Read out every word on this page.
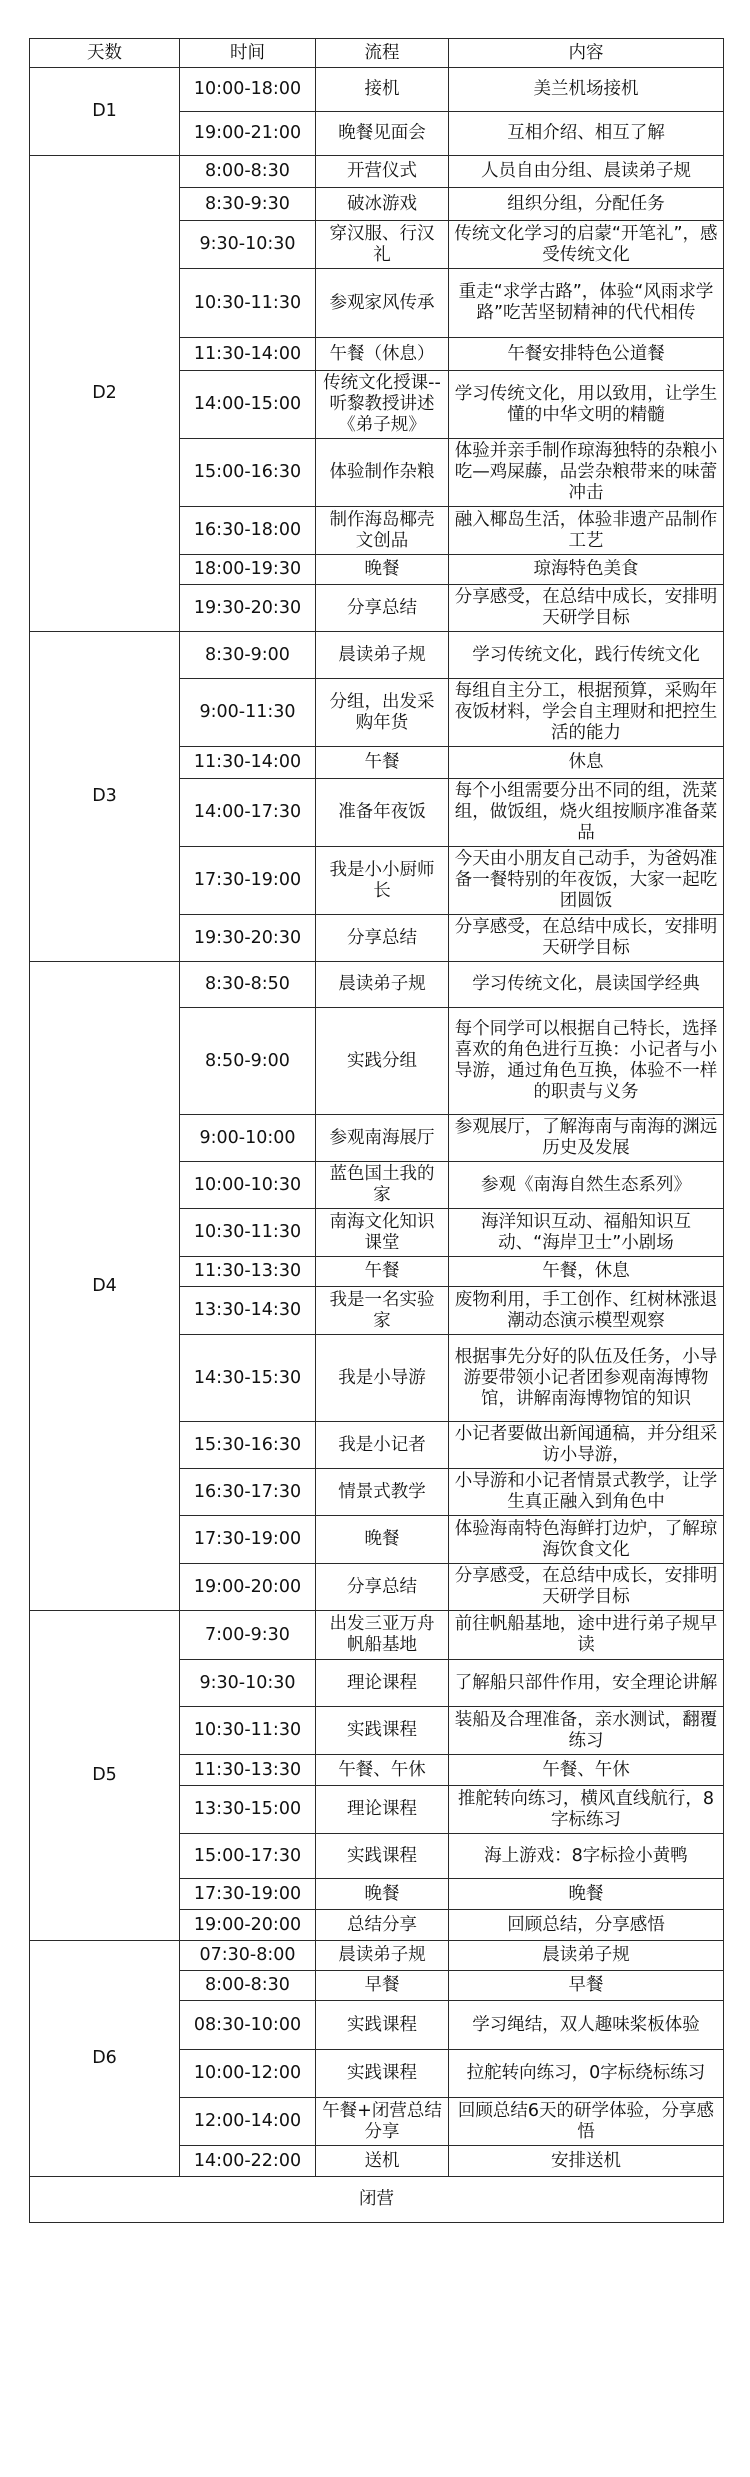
天数	时间	流程	内容
D1	10:00-18:00	接机	美兰机场接机
	19:00-21:00	晚餐见面会	互相介绍、相互了解
D2	8:00-8:30	开营仪式	人员自由分组、晨读弟子规
	8:30-9:30	破冰游戏	组织分组，分配任务
	9:30-10:30	穿汉服、行汉礼	传统文化学习的启蒙“开笔礼”，感受传统文化
	10:30-11:30	参观家风传承	重走“求学古路”，体验“风雨求学路”吃苦坚韧精神的代代相传
	11:30-14:00	午餐（休息）	午餐安排特色公道餐
	14:00-15:00	传统文化授课--听黎教授讲述《弟子规》	学习传统文化，用以致用，让学生懂的中华文明的精髓
	15:00-16:30	体验制作杂粮	体验并亲手制作琼海独特的杂粮小吃—鸡屎藤，品尝杂粮带来的味蕾冲击
	16:30-18:00	制作海岛椰壳文创品	融入椰岛生活，体验非遗产品制作工艺
	18:00-19:30	晚餐	琼海特色美食
	19:30-20:30	分享总结	分享感受，在总结中成长，安排明天研学目标
D3	8:30-9:00	晨读弟子规	学习传统文化，践行传统文化
	9:00-11:30	分组，出发采购年货	每组自主分工，根据预算，采购年夜饭材料，学会自主理财和把控生活的能力
	11:30-14:00	午餐	休息
	14:00-17:30	准备年夜饭	每个小组需要分出不同的组，洗菜组，做饭组，烧火组按顺序准备菜品
	17:30-19:00	我是小小厨师长	今天由小朋友自己动手，为爸妈准备一餐特别的年夜饭，大家一起吃团圆饭
	19:30-20:30	分享总结	分享感受，在总结中成长，安排明天研学目标
D4	8:30-8:50	晨读弟子规	学习传统文化，晨读国学经典
	8:50-9:00	实践分组	每个同学可以根据自己特长，选择喜欢的角色进行互换：小记者与小导游，通过角色互换，体验不一样的职责与义务
	9:00-10:00	参观南海展厅	参观展厅，了解海南与南海的渊远历史及发展
	10:00-10:30	蓝色国土我的家	参观《南海自然生态系列》
	10:30-11:30	南海文化知识课堂	海洋知识互动、福船知识互动、“海岸卫士”小剧场
	11:30-13:30	午餐	午餐，休息
	13:30-14:30	我是一名实验家	废物利用，手工创作、红树林涨退潮动态演示模型观察
	14:30-15:30	我是小导游	根据事先分好的队伍及任务，小导游要带领小记者团参观南海博物馆，讲解南海博物馆的知识
	15:30-16:30	我是小记者	小记者要做出新闻通稿，并分组采访小导游，
	16:30-17:30	情景式教学	小导游和小记者情景式教学，让学生真正融入到角色中
	17:30-19:00	晚餐	体验海南特色海鲜打边炉，了解琼海饮食文化
	19:00-20:00	分享总结	分享感受，在总结中成长，安排明天研学目标
D5	7:00-9:30	出发三亚万舟帆船基地	前往帆船基地，途中进行弟子规早读
	9:30-10:30	理论课程	了解船只部件作用，安全理论讲解
	10:30-11:30	实践课程	装船及合理准备，亲水测试，翻覆练习
	11:30-13:30	午餐、午休	午餐、午休
	13:30-15:00	理论课程	推舵转向练习，横风直线航行，8字标练习
	15:00-17:30	实践课程	海上游戏：8字标捡小黄鸭
	17:30-19:00	晚餐	晚餐
	19:00-20:00	总结分享	回顾总结，分享感悟
D6	07:30-8:00	晨读弟子规	晨读弟子规
	8:00-8:30	早餐	早餐
	08:30-10:00	实践课程	学习绳结，双人趣味桨板体验
	10:00-12:00	实践课程	拉舵转向练习，0字标绕标练习
	12:00-14:00	午餐+闭营总结分享	回顾总结6天的研学体验，分享感悟
	14:00-22:00	送机	安排送机
闭营			
